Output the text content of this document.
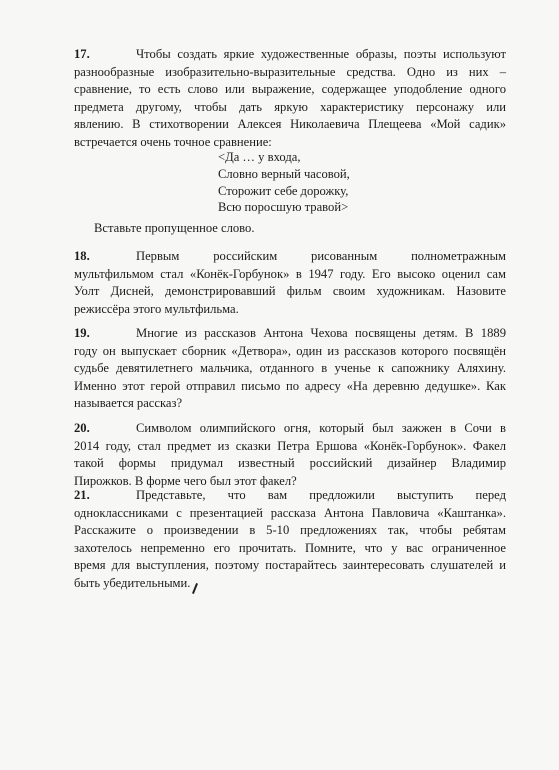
17.	Чтобы создать яркие художественные образы, поэты используют
разнообразные изобразительно-выразительные средства. Одно из них –
сравнение, то есть слово или выражение, содержащее уподобление одного
предмета другому, чтобы дать яркую характеристику персонажу или
явлению. В стихотворении Алексея Николаевича Плещеева «Мой садик»
встречается очень точное сравнение:
<Да … у входа,
Словно верный часовой,
Сторожит себе дорожку,
Всю поросшую травой>
Вставьте пропущенное слово.
18.	Первым российским рисованным полнометражным
мультфильмом стал «Конёк-Горбунок» в 1947 году. Его высоко оценил сам
Уолт Дисней, демонстрировавший фильм своим художникам. Назовите
режиссёра этого мультфильма.
19.	Многие из рассказов Антона Чехова посвящены детям. В 1889
году он выпускает сборник «Детвора», один из рассказов которого посвящён
судьбе девятилетнего мальчика, отданного в ученье к сапожнику Аляхину.
Именно этот герой отправил письмо по адресу «На деревню дедушке». Как
называется рассказ?
20.	Символом олимпийского огня, который был зажжен в Сочи в
2014 году, стал предмет из сказки Петра Ершова «Конёк-Горбунок». Факел
такой формы придумал известный российский дизайнер Владимир
Пирожков. В форме чего был этот факел?
21.	Представьте, что вам предложили выступить перед
одноклассниками с презентацией рассказа Антона Павловича «Каштанка».
Расскажите о произведении в 5-10 предложениях так, чтобы ребятам
захотелось непременно его прочитать. Помните, что у вас ограниченное
время для выступления, поэтому постарайтесь заинтересовать слушателей и
быть убедительными.
